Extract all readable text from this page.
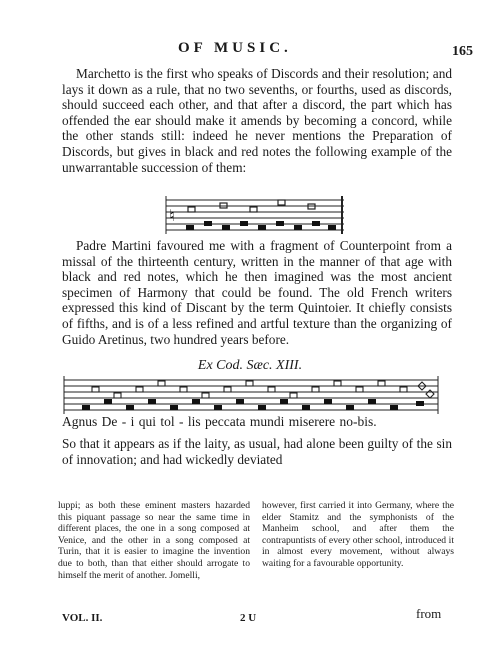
OF MUSIC.	165

Marchetto is the first who speaks of Discords and their resolution; and lays it down as a rule, that no two sevenths, or fourths, used as discords, should succeed each other, and that after a discord, the part which has offended the ear should make it amends by becoming a concord, while the other stands still: indeed he never mentions the Preparation of Discords, but gives in black and red notes the following example of the unwarrantable succession of them:

♮

Padre Martini favoured me with a fragment of Counterpoint from a missal of the thirteenth century, written in the manner of that age with black and red notes, which he then imagined was the most ancient specimen of Harmony that could be found. The old French writers expressed this kind of Discant by the term Quintoier. It chiefly consists of fifths, and is of a less refined and artful texture than the organizing of Guido Aretinus, two hundred years before.

Ex Cod. Sæc. XIII.
Agnus De - i qui tol - lis peccata mundi miserere no-bis.

So that it appears as if the laity, as usual, had alone been guilty of the sin of innovation; and had wickedly deviated

luppi; as both these eminent masters hazarded this piquant passage so near the same time in different places, the one in a song composed at Venice, and the other in a song composed at Turin, that it is easier to imagine the invention due to both, than that either should arrogate to himself the merit of another. Jomelli,
however, first carried it into Germany, where the elder Stamitz and the symphonists of the Manheim school, and after them the contrapuntists of every other school, introduced it in almost every movement, without always waiting for a favourable opportunity.
VOL. II.	2 U	from
